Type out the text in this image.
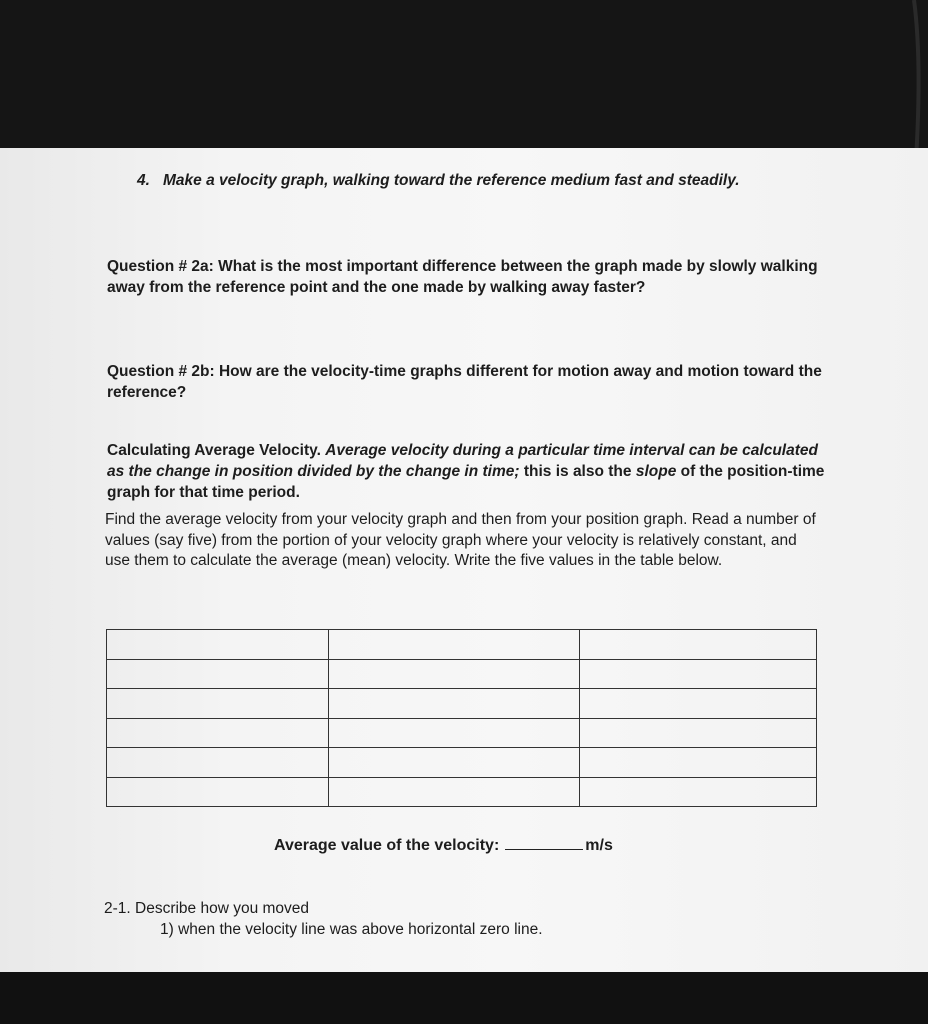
4. Make a velocity graph, walking toward the reference medium fast and steadily.
Question # 2a: What is the most important difference between the graph made by slowly walking away from the reference point and the one made by walking away faster?
Question # 2b: How are the velocity-time graphs different for motion away and motion toward the reference?
Calculating Average Velocity. Average velocity during a particular time interval can be calculated as the change in position divided by the change in time; this is also the slope of the position-time graph for that time period.
Find the average velocity from your velocity graph and then from your position graph. Read a number of values (say five) from the portion of your velocity graph where your velocity is relatively constant, and use them to calculate the average (mean) velocity. Write the five values in the table below.

Average value of the velocity:	m/s
2-1. Describe how you moved
1) when the velocity line was above horizontal zero line.
